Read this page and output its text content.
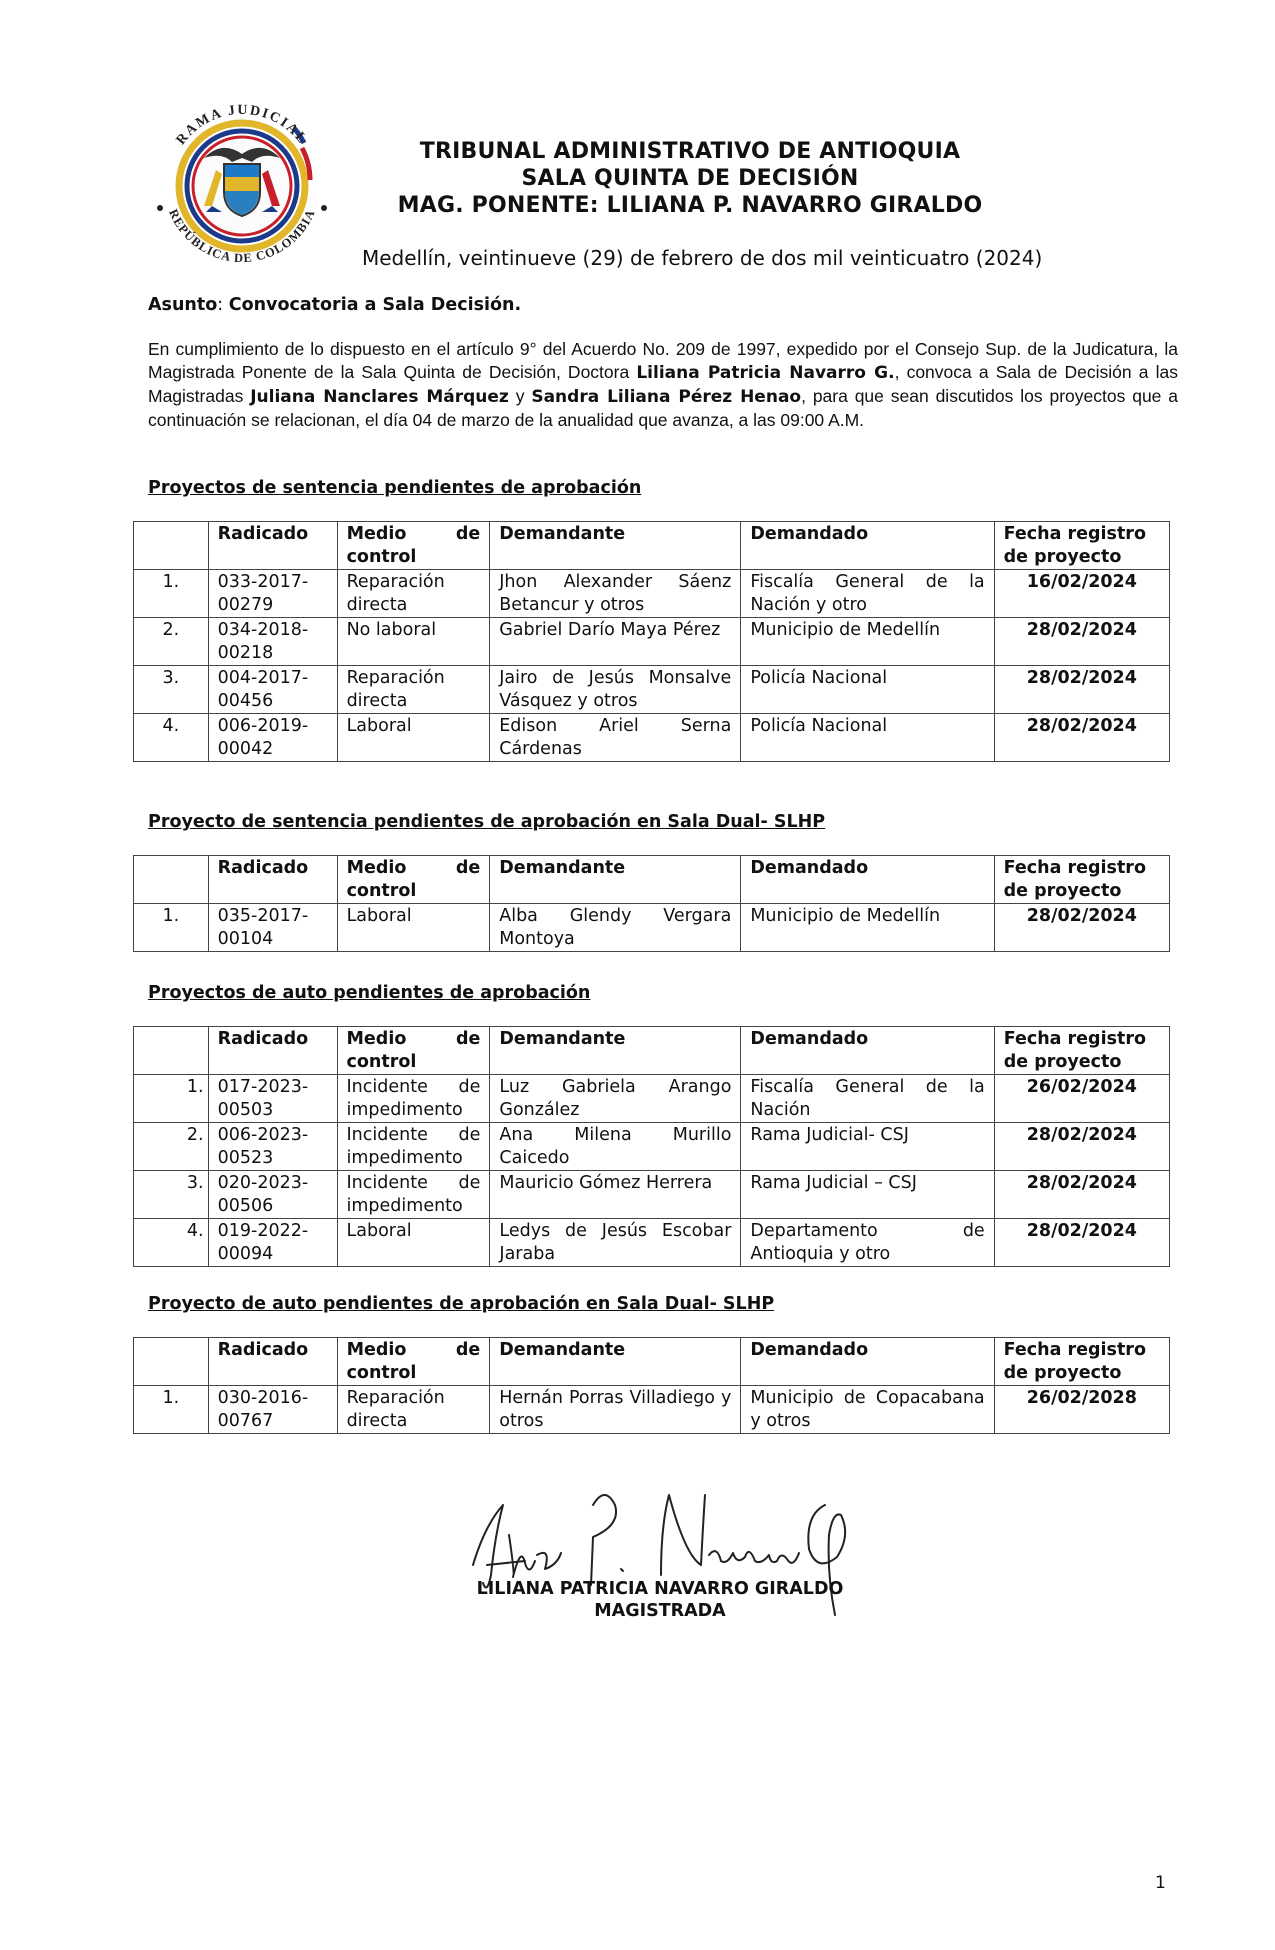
RAMA JUDICIAL
REPÚBLICA DE COLOMBIA
TRIBUNAL ADMINISTRATIVO DE ANTIOQUIA
SALA QUINTA DE DECISIÓN
MAG. PONENTE: LILIANA P. NAVARRO GIRALDO
Medellín, veintinueve (29) de febrero de dos mil veinticuatro (2024)
Asunto: Convocatoria a Sala Decisión.
En cumplimiento de lo dispuesto en el artículo 9° del Acuerdo No. 209 de 1997, expedido por el Consejo Sup. de la Judicatura, la Magistrada Ponente de la Sala Quinta de Decisión, Doctora Liliana Patricia Navarro G., convoca a Sala de Decisión a las Magistradas Juliana Nanclares Márquez y Sandra Liliana Pérez Henao, para que sean discutidos los proyectos que a continuación se relacionan, el día 04 de marzo de la anualidad que avanza, a las 09:00 A.M.
Proyectos de sentencia pendientes de aprobación
	Radicado	Medio de control	Demandante	Demandado	Fecha registro de proyecto
1.	033-2017-00279	Reparación directa	Jhon Alexander Sáenz Betancur y otros	Fiscalía General de la Nación y otro	16/02/2024
2.	034-2018-00218	No laboral	Gabriel Darío Maya Pérez	Municipio de Medellín	28/02/2024
3.	004-2017-00456	Reparación directa	Jairo de Jesús Monsalve Vásquez y otros	Policía Nacional	28/02/2024
4.	006-2019-00042	Laboral	Edison Ariel Serna Cárdenas	Policía Nacional	28/02/2024
Proyecto de sentencia pendientes de aprobación en Sala Dual- SLHP
	Radicado	Medio de control	Demandante	Demandado	Fecha registro de proyecto
1.	035-2017-00104	Laboral	Alba Glendy Vergara Montoya	Municipio de Medellín	28/02/2024
Proyectos de auto pendientes de aprobación
	Radicado	Medio de control	Demandante	Demandado	Fecha registro de proyecto
1.	017-2023-00503	Incidente de impedimento	Luz Gabriela Arango González	Fiscalía General de la Nación	26/02/2024
2.	006-2023-00523	Incidente de impedimento	Ana Milena Murillo Caicedo	Rama Judicial- CSJ	28/02/2024
3.	020-2023-00506	Incidente de impedimento	Mauricio Gómez Herrera	Rama Judicial – CSJ	28/02/2024
4.	019-2022-00094	Laboral	Ledys de Jesús Escobar Jaraba	Departamento de Antioquia y otro	28/02/2024
Proyecto de auto pendientes de aprobación en Sala Dual- SLHP
	Radicado	Medio de control	Demandante	Demandado	Fecha registro de proyecto
1.	030-2016-00767	Reparación directa	Hernán Porras Villadiego y otros	Municipio de Copacabana y otros	26/02/2028
LILIANA PATRICIA NAVARRO GIRALDO
MAGISTRADA
1
